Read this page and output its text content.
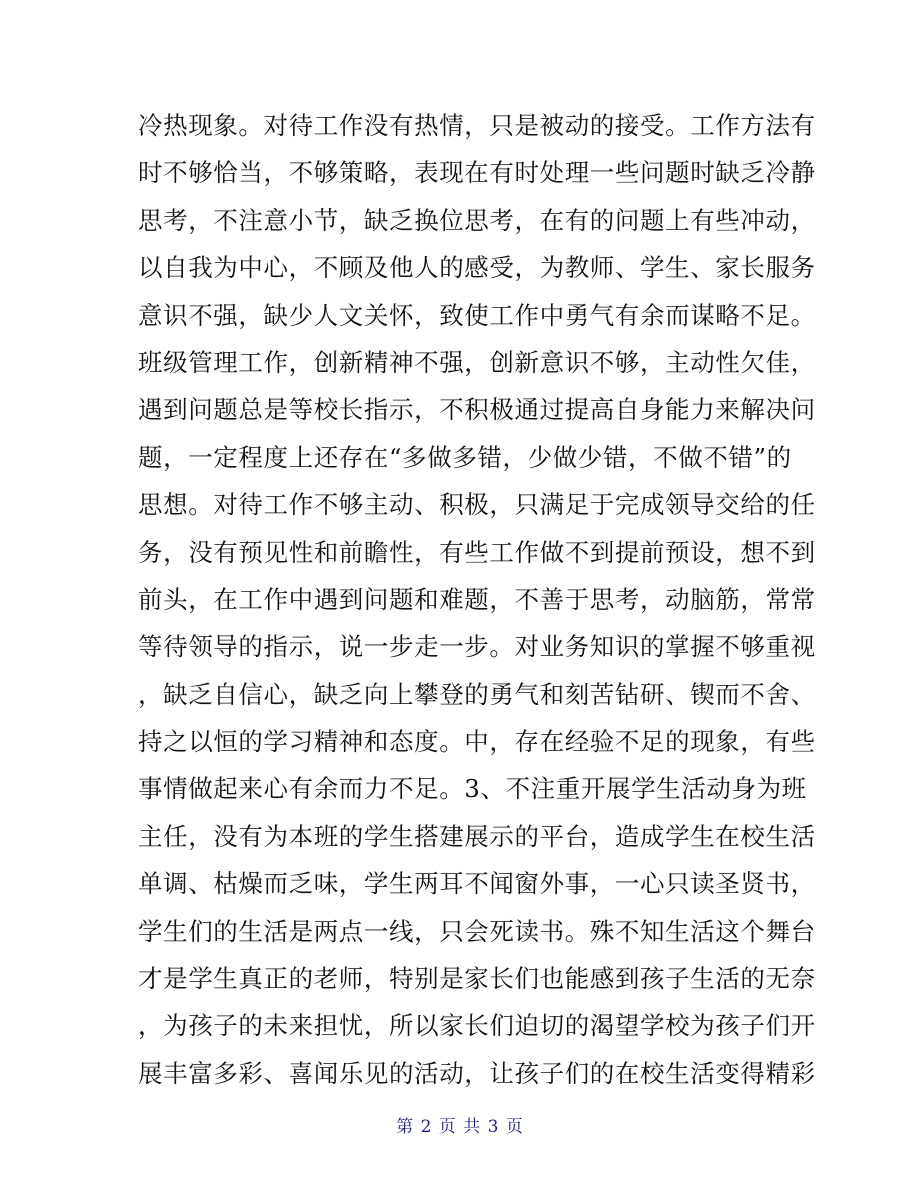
冷热现象。对待工作没有热情，只是被动的接受。工作方法有
时不够恰当，不够策略，表现在有时处理一些问题时缺乏冷静
思考，不注意小节，缺乏换位思考，在有的问题上有些冲动，
以自我为中心，不顾及他人的感受，为教师、学生、家长服务
意识不强，缺少人文关怀，致使工作中勇气有余而谋略不足。
班级管理工作，创新精神不强，创新意识不够，主动性欠佳，
遇到问题总是等校长指示，不积极通过提高自身能力来解决问
题，一定程度上还存在“多做多错，少做少错，不做不错”的
思想。对待工作不够主动、积极，只满足于完成领导交给的任
务，没有预见性和前瞻性，有些工作做不到提前预设，想不到
前头，在工作中遇到问题和难题，不善于思考，动脑筋，常常
等待领导的指示，说一步走一步。对业务知识的掌握不够重视
，缺乏自信心，缺乏向上攀登的勇气和刻苦钻研、锲而不舍、
持之以恒的学习精神和态度。中，存在经验不足的现象，有些
事情做起来心有余而力不足。3、不注重开展学生活动身为班
主任，没有为本班的学生搭建展示的平台，造成学生在校生活
单调、枯燥而乏味，学生两耳不闻窗外事，一心只读圣贤书，
学生们的生活是两点一线，只会死读书。殊不知生活这个舞台
才是学生真正的老师，特别是家长们也能感到孩子生活的无奈
，为孩子的未来担忧，所以家长们迫切的渴望学校为孩子们开
展丰富多彩、喜闻乐见的活动，让孩子们的在校生活变得精彩
第 2 页 共 3 页
